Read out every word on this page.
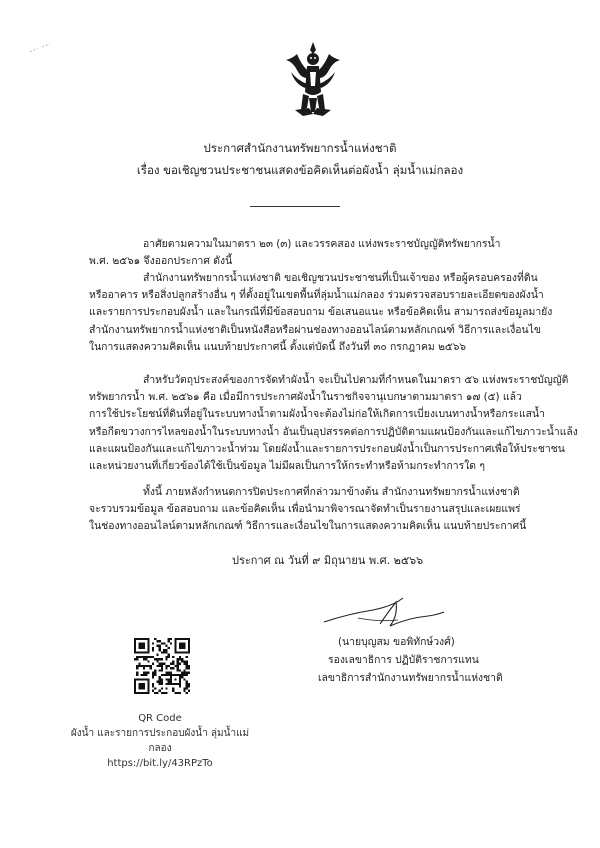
ประกาศสำนักงานทรัพยากรน้ำแห่งชาติ
เรื่อง ขอเชิญชวนประชาชนแสดงข้อคิดเห็นต่อผังน้ำ ลุ่มน้ำแม่กลอง
อาศัยตามความในมาตรา ๒๓ (๓) และวรรคสอง แห่งพระราชบัญญัติทรัพยากรน้ำ
พ.ศ. ๒๕๖๑ จึงออกประกาศ ดังนี้
สำนักงานทรัพยากรน้ำแห่งชาติ ขอเชิญชวนประชาชนที่เป็นเจ้าของ หรือผู้ครอบครองที่ดิน
หรืออาคาร หรือสิ่งปลูกสร้างอื่น ๆ ที่ตั้งอยู่ในเขตพื้นที่ลุ่มน้ำแม่กลอง ร่วมตรวจสอบรายละเอียดของผังน้ำ
และรายการประกอบผังน้ำ และในกรณีที่มีข้อสอบถาม ข้อเสนอแนะ หรือข้อคิดเห็น สามารถส่งข้อมูลมายัง
สำนักงานทรัพยากรน้ำแห่งชาติเป็นหนังสือหรือผ่านช่องทางออนไลน์ตามหลักเกณฑ์ วิธีการและเงื่อนไข
ในการแสดงความคิดเห็น แนบท้ายประกาศนี้ ตั้งแต่บัดนี้ ถึงวันที่ ๓๐ กรกฎาคม ๒๕๖๖
สำหรับวัตถุประสงค์ของการจัดทำผังน้ำ จะเป็นไปตามที่กำหนดในมาตรา ๕๖ แห่งพระราชบัญญัติ
ทรัพยากรน้ำ พ.ศ. ๒๕๖๑ คือ เมื่อมีการประกาศผังน้ำในราชกิจจานุเบกษาตามมาตรา ๑๗ (๕) แล้ว
การใช้ประโยชน์ที่ดินที่อยู่ในระบบทางน้ำตามผังน้ำจะต้องไม่ก่อให้เกิดการเบี่ยงเบนทางน้ำหรือกระแสน้ำ
หรือกีดขวางการไหลของน้ำในระบบทางน้ำ อันเป็นอุปสรรคต่อการปฏิบัติตามแผนป้องกันและแก้ไขภาวะน้ำแล้ง
และแผนป้องกันและแก้ไขภาวะน้ำท่วม โดยผังน้ำและรายการประกอบผังน้ำเป็นการประกาศเพื่อให้ประชาชน
และหน่วยงานที่เกี่ยวข้องได้ใช้เป็นข้อมูล ไม่มีผลเป็นการให้กระทำหรือห้ามกระทำการใด ๆ
ทั้งนี้ ภายหลังกำหนดการปิดประกาศที่กล่าวมาข้างต้น สำนักงานทรัพยากรน้ำแห่งชาติ
จะรวบรวมข้อมูล ข้อสอบถาม และข้อคิดเห็น เพื่อนำมาพิจารณาจัดทำเป็นรายงานสรุปและเผยแพร่
ในช่องทางออนไลน์ตามหลักเกณฑ์ วิธีการและเงื่อนไขในการแสดงความคิดเห็น แนบท้ายประกาศนี้
ประกาศ ณ วันที่ ๙ มิถุนายน พ.ศ. ๒๕๖๖
(นายบุญสม ขอพิทักษ์วงศ์)
รองเลขาธิการ ปฏิบัติราชการแทน
เลขาธิการสำนักงานทรัพยากรน้ำแห่งชาติ
QR Code
ผังน้ำ และรายการประกอบผังน้ำ ลุ่มน้ำแม่กลอง
https://bit.ly/43RPzTo
